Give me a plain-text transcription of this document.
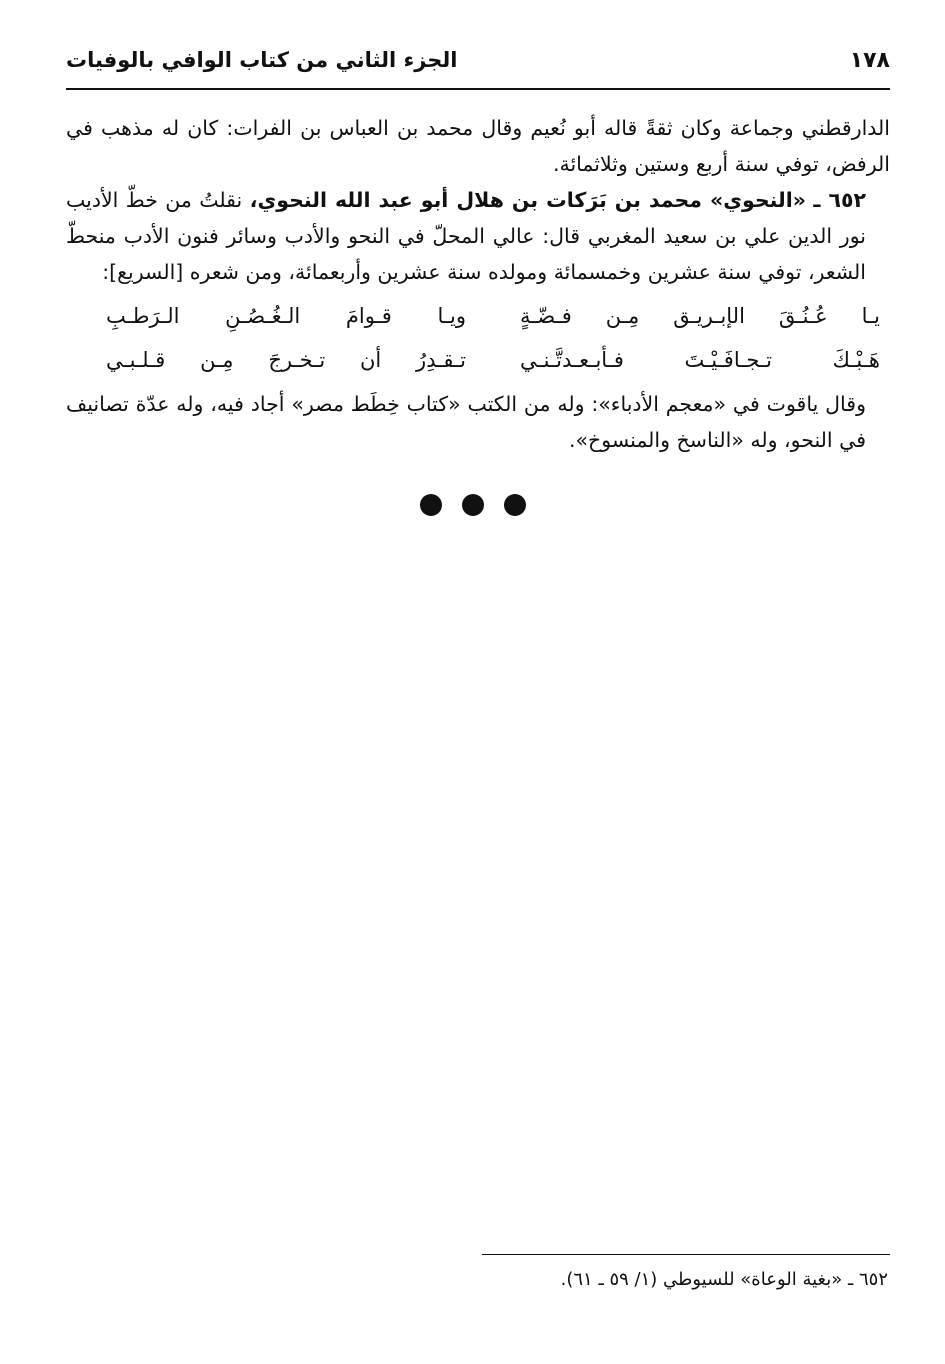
١٧٨
الجزء الثاني من كتاب الوافي بالوفيات

الدارقطني وجماعة وكان ثقةً قاله أبو نُعيم وقال محمد بن العباس بن الفرات: كان له مذهب في الرفض، توفي سنة أربع وستين وثلاثمائة.

٦٥٢ ـ «النحوي» محمد بن بَرَكات بن هلال أبو عبد الله النحوي، نقلتُ من خطّ الأديب نور الدين علي بن سعيد المغربي قال: عالي المحلّ في النحو والأدب وسائر فنون الأدب منحطّ الشعر، توفي سنة عشرين وخمسمائة ومولده سنة عشرين وأربعمائة، ومن شعره [السريع]:

يـا عُـنُـقَ الإبـريـق مِـن فـضّـةٍ
ويـا قـوامَ الـغُـصُـنِ الـرَطـبِ
هَـبْـكَ تـجـافَـيْـتَ فـأبـعـدتَّـنـي
تـقـدِرُ أن تـخـرجَ مِـن قـلـبـي

وقال ياقوت في «معجم الأدباء»: وله من الكتب «كتاب خِطَط مصر» أجاد فيه، وله عدّة تصانيف في النحو، وله «الناسخ والمنسوخ».

٦٥٢ ـ «بغية الوعاة» للسيوطي (١/ ٥٩ ـ ٦١).
